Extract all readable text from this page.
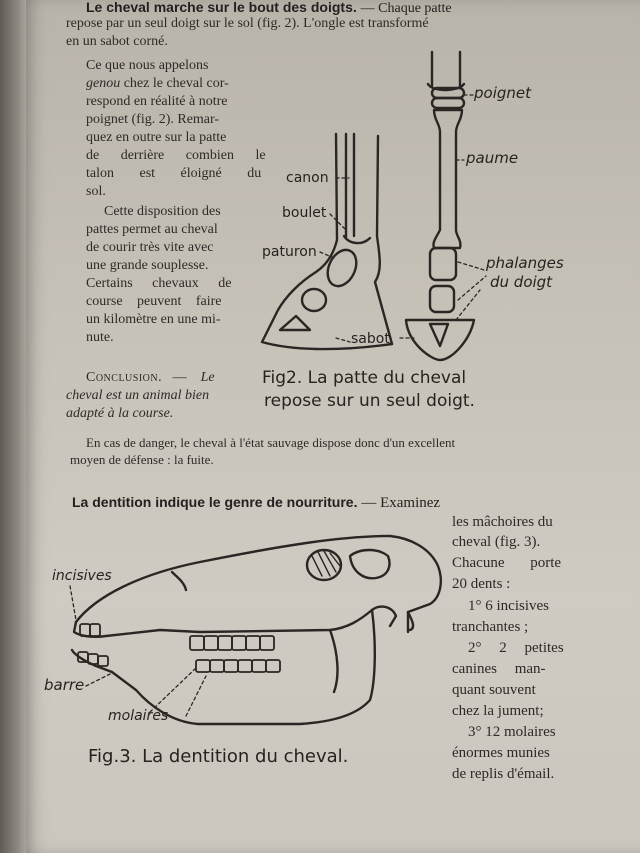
Le cheval marche sur le bout des doigts. — Chaque patte
repose par un seul doigt sur le sol (fig. 2). L'ongle est transformé
en un sabot corné.
Ce que nous appelons
genou chez le cheval cor-
respond en réalité à notre
poignet (fig. 2). Remar-
quez en outre sur la patte
de derrière combien le
talon est éloigné du
sol.
Cette disposition des
pattes permet au cheval
de courir très vite avec
une grande souplesse.
Certains chevaux de
course peuvent faire
un kilomètre en une mi-
nute.
Conclusion. — Le
cheval est un animal bien
adapté à la course.
En cas de danger, le cheval à l'état sauvage dispose donc d'un excellent
moyen de défense : la fuite.
poignet
paume
canon
boulet
paturon
phalanges
du doigt
sabot
Fig2. La patte du cheval
repose sur un seul doigt.
La dentition indique le genre de nourriture. — Examinez
les mâchoires du
cheval (fig. 3).
Chacune porte
20 dents :
1° 6 incisives
tranchantes ;
2° 2 petites
canines man-
quant souvent
chez la jument;
3° 12 molaires
énormes munies
de replis d'émail.
incisives
barre
molaires
Fig.3. La dentition du cheval.
